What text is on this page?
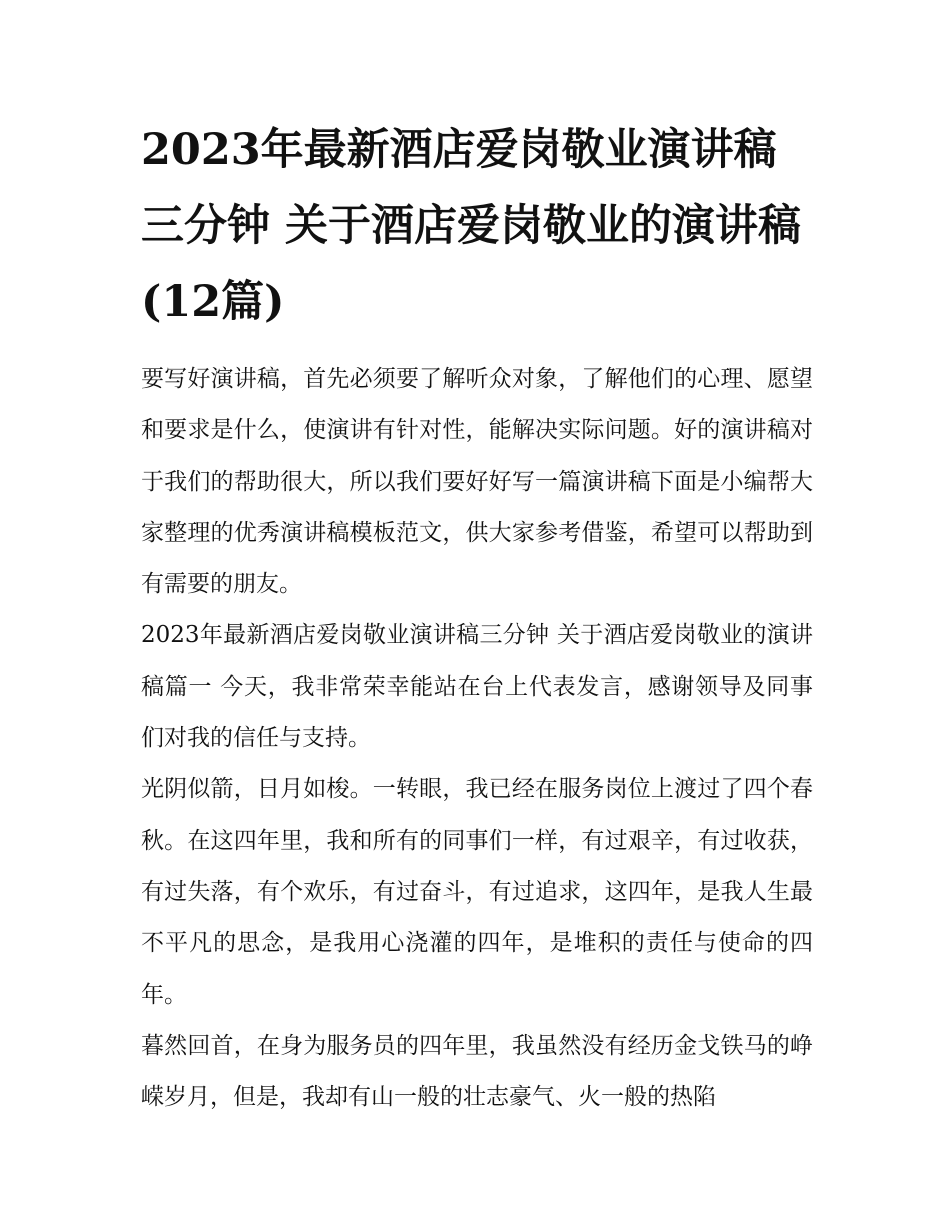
2023年最新酒店爱岗敬业演讲稿三分钟 关于酒店爱岗敬业的演讲稿(12篇)

要写好演讲稿，首先必须要了解听众对象，了解他们的心理、愿望和要求是什么，使演讲有针对性，能解决实际问题。好的演讲稿对于我们的帮助很大，所以我们要好好写一篇演讲稿下面是小编帮大家整理的优秀演讲稿模板范文，供大家参考借鉴，希望可以帮助到有需要的朋友。

2023年最新酒店爱岗敬业演讲稿三分钟 关于酒店爱岗敬业的演讲稿篇一 今天，我非常荣幸能站在台上代表发言，感谢领导及同事们对我的信任与支持。

光阴似箭，日月如梭。一转眼，我已经在服务岗位上渡过了四个春秋。在这四年里，我和所有的同事们一样，有过艰辛，有过收获，有过失落，有个欢乐，有过奋斗，有过追求，这四年，是我人生最不平凡的思念，是我用心浇灌的四年，是堆积的责任与使命的四年。

暮然回首，在身为服务员的四年里，我虽然没有经历金戈铁马的峥嵘岁月，但是，我却有山一般的壮志豪气、火一般的热陷
